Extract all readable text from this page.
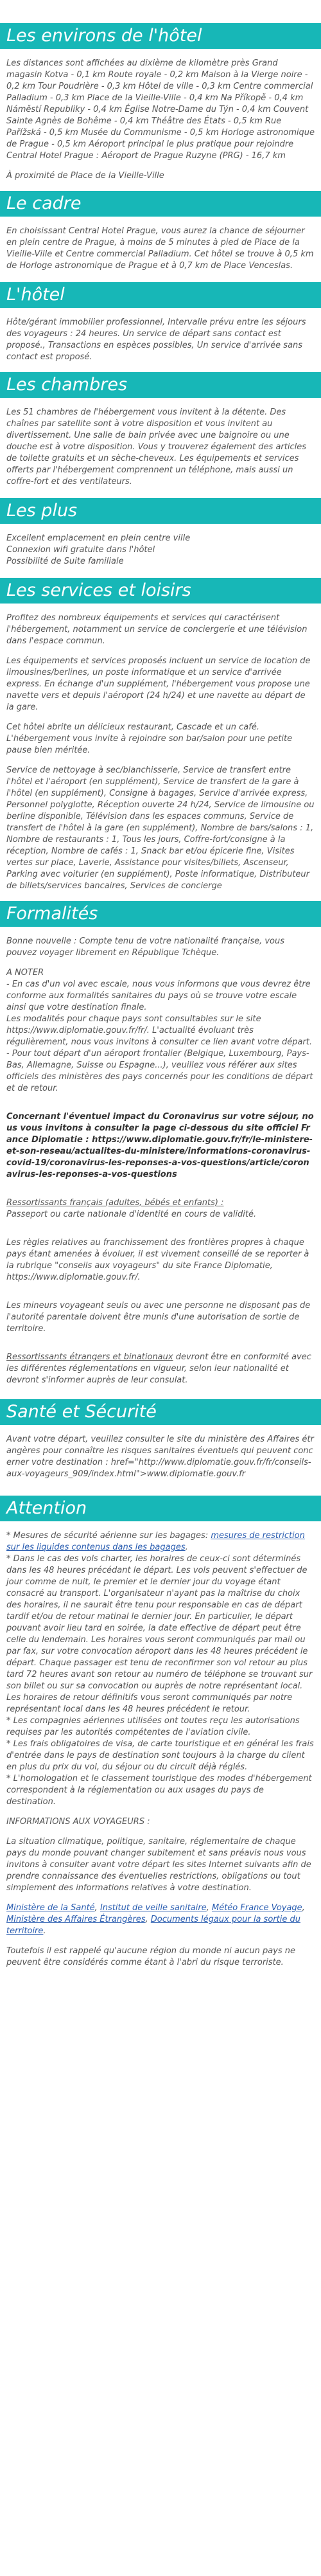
Les environs de l'hôtel

Les distances sont affichées au dixième de kilomètre près Grand magasin Kotva - 0,1 km Route royale - 0,2 km Maison à la Vierge noire - 0,2 km Tour Poudrière - 0,3 km Hôtel de ville - 0,3 km Centre commercial Palladium - 0,3 km Place de la Vieille-Ville - 0,4 km Na Příkopě - 0,4 km Náměstí Republiky - 0,4 km Église Notre-Dame du Týn - 0,4 km Couvent Sainte Agnès de Bohême - 0,4 km Théâtre des États - 0,5 km Rue Pařížská - 0,5 km Musée du Communisme - 0,5 km Horloge astronomique de Prague - 0,5 km Aéroport principal le plus pratique pour rejoindre Central Hotel Prague : Aéroport de Prague Ruzyne (PRG) - 16,7 km

À proximité de Place de la Vieille-Ville

Le cadre

En choisissant Central Hotel Prague, vous aurez la chance de séjourner en plein centre de Prague, à moins de 5 minutes à pied de Place de la Vieille-Ville et Centre commercial Palladium. Cet hôtel se trouve à 0,5 km de Horloge astronomique de Prague et à 0,7 km de Place Venceslas.

L'hôtel

Hôte/gérant immobilier professionnel, Intervalle prévu entre les séjours des voyageurs : 24 heures. Un service de départ sans contact est proposé., Transactions en espèces possibles, Un service d'arrivée sans contact est proposé.

Les chambres

Les 51 chambres de l'hébergement vous invitent à la détente. Des chaînes par satellite sont à votre disposition et vous invitent au divertissement. Une salle de bain privée avec une baignoire ou une douche est à votre disposition. Vous y trouverez également des articles de toilette gratuits et un sèche-cheveux. Les équipements et services offerts par l'hébergement comprennent un téléphone, mais aussi un coffre-fort et des ventilateurs.

Les plus

Excellent emplacement en plein centre ville
Connexion wifi gratuite dans l'hôtel
Possibilité de Suite familiale

Les services et loisirs

Profitez des nombreux équipements et services qui caractérisent l'hébergement, notamment un service de conciergerie et une télévision dans l'espace commun.

Les équipements et services proposés incluent un service de location de limousines/berlines, un poste informatique et un service d'arrivée express. En échange d'un supplément, l'hébergement vous propose une navette vers et depuis l'aéroport (24 h/24) et une navette au départ de la gare.

Cet hôtel abrite un délicieux restaurant, Cascade et un café. L'hébergement vous invite à rejoindre son bar/salon pour une petite pause bien méritée.

Service de nettoyage à sec/blanchisserie, Service de transfert entre l'hôtel et l'aéroport (en supplément), Service de transfert de la gare à l'hôtel (en supplément), Consigne à bagages, Service d'arrivée express, Personnel polyglotte, Réception ouverte 24 h/24, Service de limousine ou berline disponible, Télévision dans les espaces communs, Service de transfert de l'hôtel à la gare (en supplément), Nombre de bars/salons : 1, Nombre de restaurants : 1, Tous les jours, Coffre-fort/consigne à la réception, Nombre de cafés : 1, Snack bar et/ou épicerie fine, Visites vertes sur place, Laverie, Assistance pour visites/billets, Ascenseur, Parking avec voiturier (en supplément), Poste informatique, Distributeur de billets/services bancaires, Services de concierge

Formalités

Bonne nouvelle : Compte tenu de votre nationalité française, vous pouvez voyager librement en République Tchèque.

A NOTER
- En cas d'un vol avec escale, nous vous informons que vous devrez être conforme aux formalités sanitaires du pays où se trouve votre escale ainsi que votre destination finale.
Les modalités pour chaque pays sont consultables sur le site https://www.diplomatie.gouv.fr/fr/. L'actualité évoluant très régulièrement, nous vous invitons à consulter ce lien avant votre départ.
- Pour tout départ d'un aéroport frontalier (Belgique, Luxembourg, Pays-Bas, Allemagne, Suisse ou Espagne...), veuillez vous référer aux sites officiels des ministères des pays concernés pour les conditions de départ et de retour.

Concernant l'éventuel impact du Coronavirus sur votre séjour, nous vous invitons à consulter la page ci-dessous du site officiel France Diplomatie : https://www.diplomatie.gouv.fr/fr/le-ministere-et-son-reseau/actualites-du-ministere/informations-coronavirus-covid-19/coronavirus-les-reponses-a-vos-questions/article/coronavirus-les-reponses-a-vos-questions

Ressortissants français (adultes, bébés et enfants) :
Passeport ou carte nationale d'identité en cours de validité.

Les règles relatives au franchissement des frontières propres à chaque pays étant amenées à évoluer, il est vivement conseillé de se reporter à la rubrique "conseils aux voyageurs" du site France Diplomatie, https://www.diplomatie.gouv.fr/.

Les mineurs voyageant seuls ou avec une personne ne disposant pas de l'autorité parentale doivent être munis d'une autorisation de sortie de territoire.

Ressortissants étrangers et binationaux devront être en conformité avec les différentes réglementations en vigueur, selon leur nationalité et devront s'informer auprès de leur consulat.

Santé et Sécurité

Avant votre départ, veuillez consulter le site du ministère des Affaires étrangères pour connaître les risques sanitaires éventuels qui peuvent concerner votre destination : href="http://www.diplomatie.gouv.fr/fr/conseils-aux-voyageurs_909/index.html">www.diplomatie.gouv.fr

Attention
* Mesures de sécurité aérienne sur les bagages: mesures de restriction sur les liquides contenus dans les bagages.
* Dans le cas des vols charter, les horaires de ceux-ci sont déterminés dans les 48 heures précédant le départ. Les vols peuvent s'effectuer de jour comme de nuit, le premier et le dernier jour du voyage étant consacré au transport. L'organisateur n'ayant pas la maîtrise du choix des horaires, il ne saurait être tenu pour responsable en cas de départ tardif et/ou de retour matinal le dernier jour. En particulier, le départ pouvant avoir lieu tard en soirée, la date effective de départ peut être celle du lendemain. Les horaires vous seront communiqués par mail ou par fax, sur votre convocation aéroport dans les 48 heures précédent le départ. Chaque passager est tenu de reconfirmer son vol retour au plus tard 72 heures avant son retour au numéro de téléphone se trouvant sur son billet ou sur sa convocation ou auprès de notre représentant local. Les horaires de retour définitifs vous seront communiqués par notre représentant local dans les 48 heures précédent le retour.
* Les compagnies aériennes utilisées ont toutes reçu les autorisations requises par les autorités compétentes de l'aviation civile.
* Les frais obligatoires de visa, de carte touristique et en général les frais d'entrée dans le pays de destination sont toujours à la charge du client en plus du prix du vol, du séjour ou du circuit déjà réglés.
* L'homologation et le classement touristique des modes d'hébergement correspondent à la réglementation ou aux usages du pays de destination.

INFORMATIONS AUX VOYAGEURS :

La situation climatique, politique, sanitaire, réglementaire de chaque pays du monde pouvant changer subitement et sans préavis nous vous invitons à consulter avant votre départ les sites Internet suivants afin de prendre connaissance des éventuelles restrictions, obligations ou tout simplement des informations relatives à votre destination.

Ministère de la Santé, Institut de veille sanitaire, Météo France Voyage, Ministère des Affaires Étrangères, Documents légaux pour la sortie du territoire.

Toutefois il est rappelé qu'aucune région du monde ni aucun pays ne peuvent être considérés comme étant à l'abri du risque terroriste.
